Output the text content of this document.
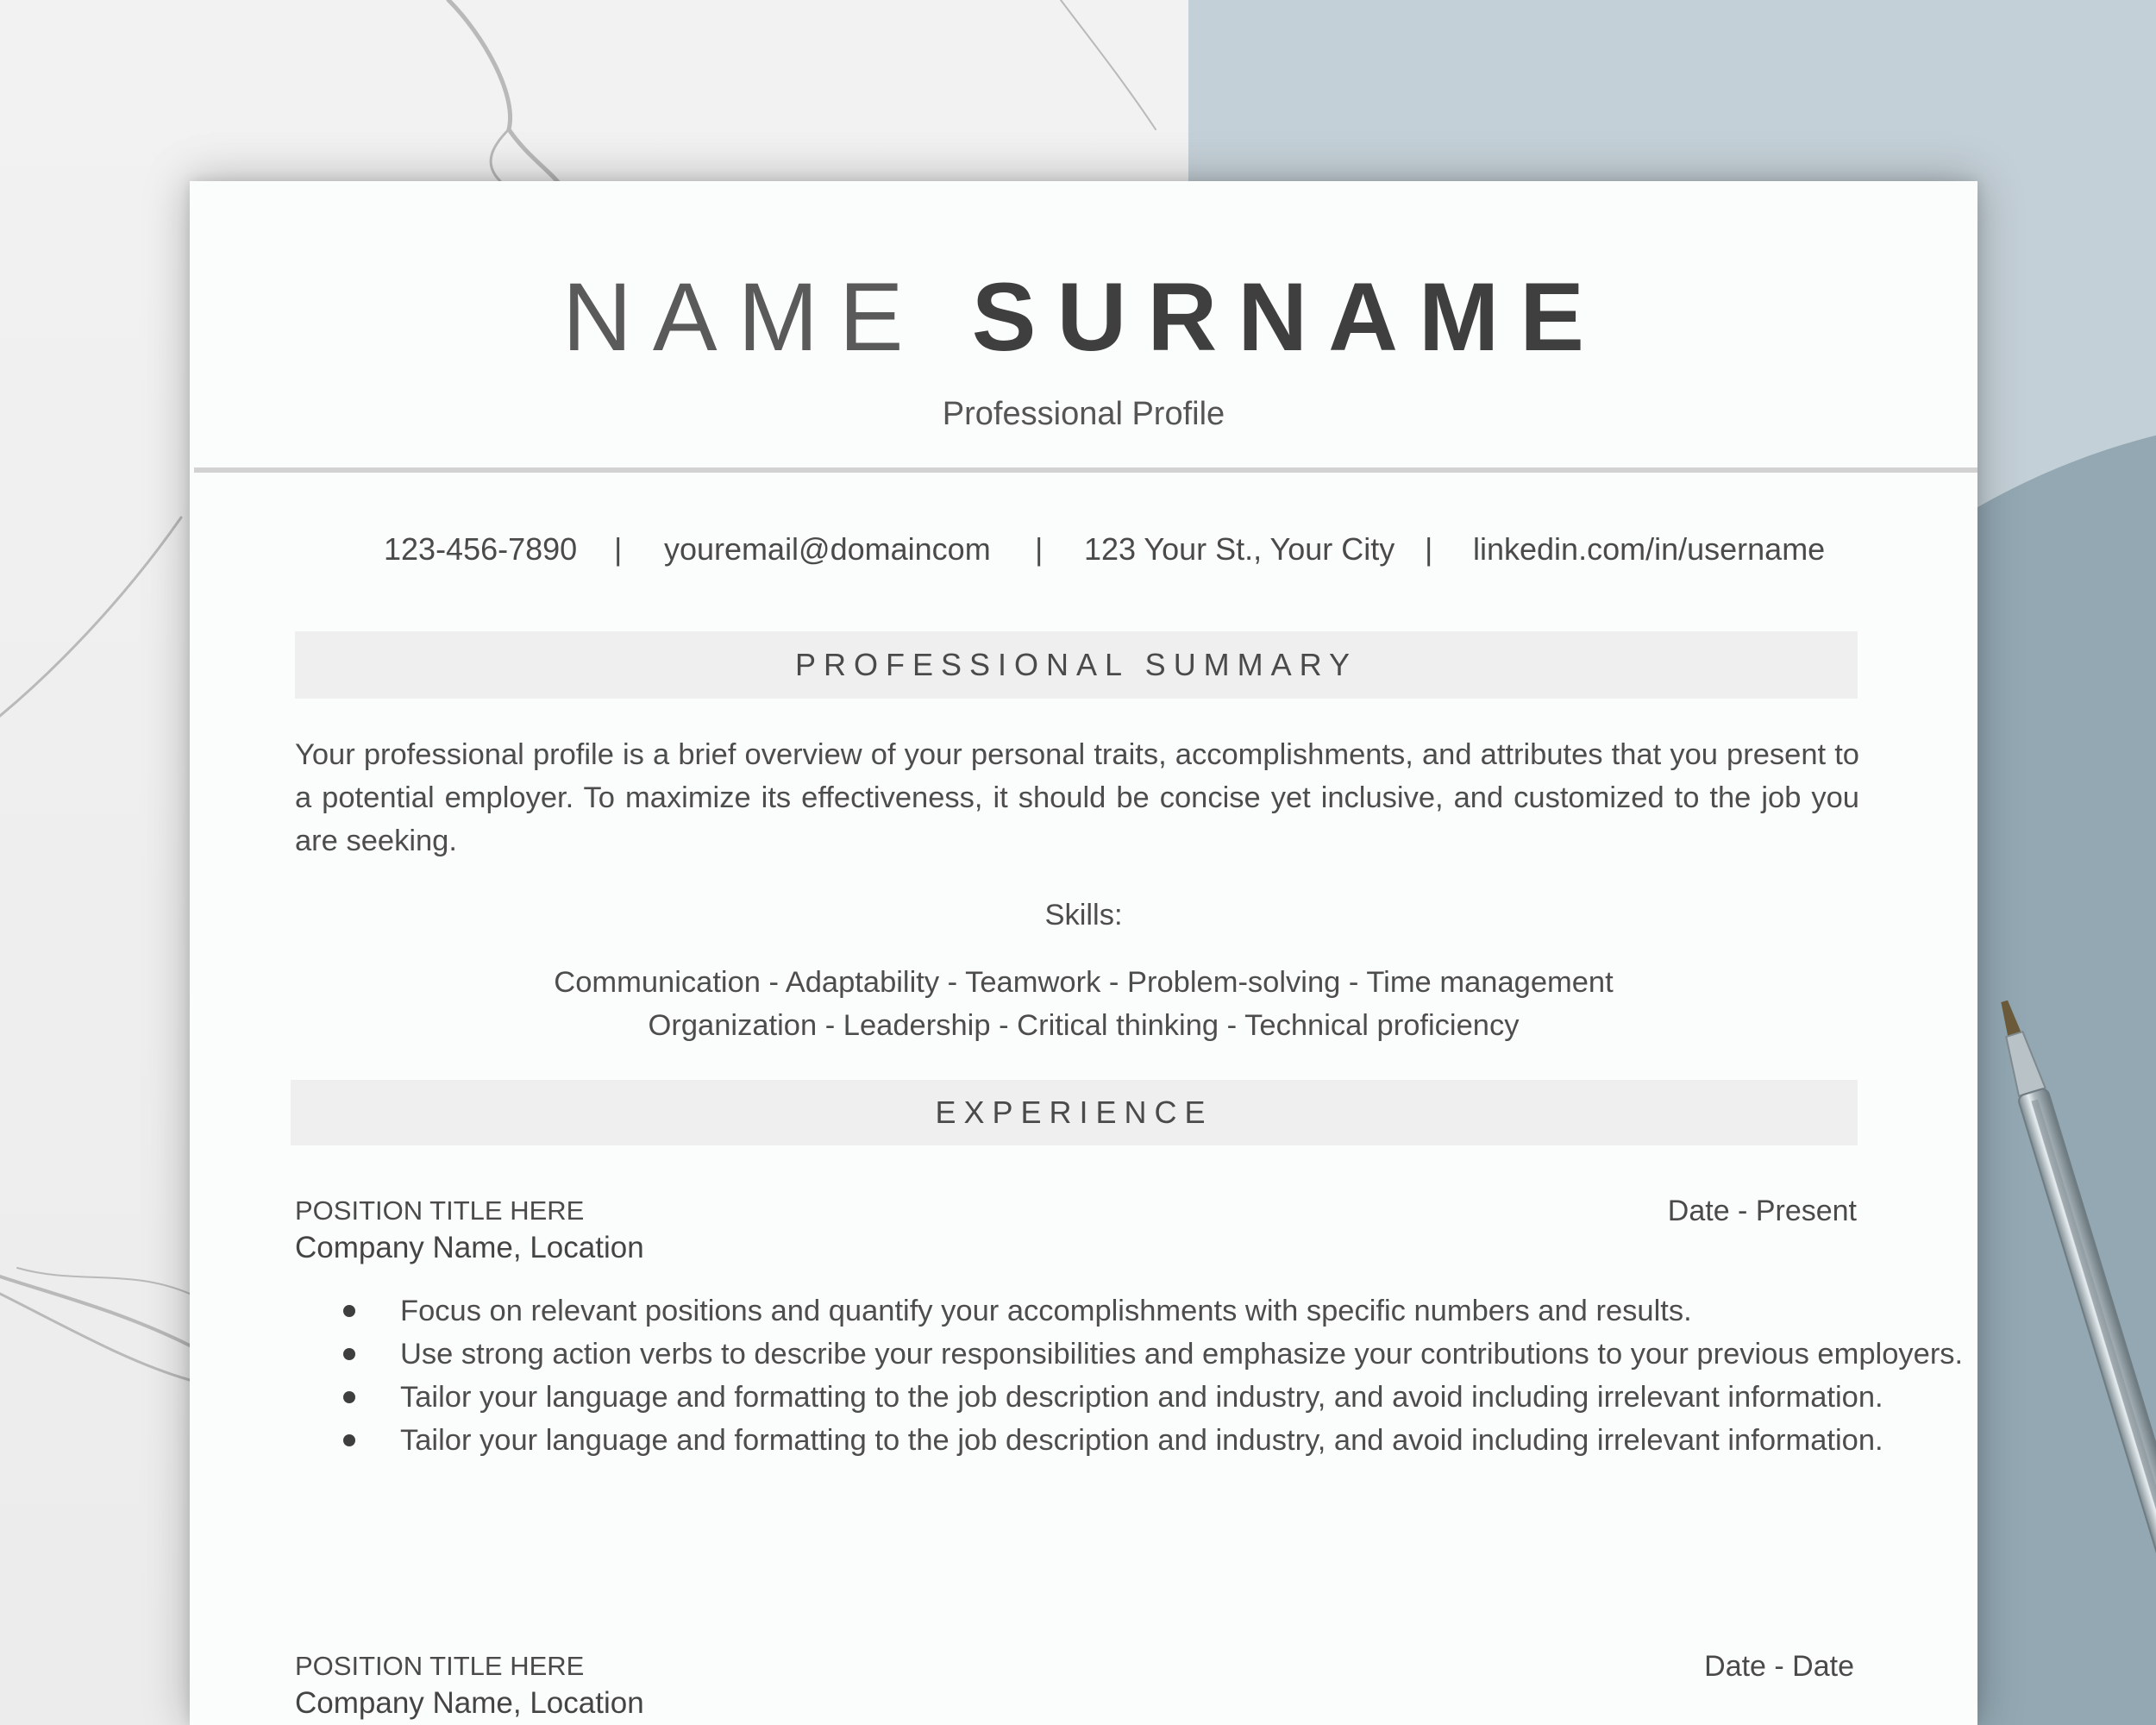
NAME SURNAME
Professional Profile
123-456-7890 | youremail@domaincom | 123 Your St., Your City | linkedin.com/in/username
PROFESSIONAL SUMMARY
Your professional profile is a brief overview of your personal traits, accomplishments, and attributes that you present to a potential employer. To maximize its effectiveness, it should be concise yet inclusive, and customized to the job you are seeking.
Skills:
Communication - Adaptability - Teamwork - Problem-solving - Time management
Organization - Leadership - Critical thinking - Technical proficiency
EXPERIENCE
POSITION TITLE HERE	Date - Present
Company Name, Location
Focus on relevant positions and quantify your accomplishments with specific numbers and results.
Use strong action verbs to describe your responsibilities and emphasize your contributions to your previous employers.
Tailor your language and formatting to the job description and industry, and avoid including irrelevant information.
Tailor your language and formatting to the job description and industry, and avoid including irrelevant information.
POSITION TITLE HERE	Date - Date
Company Name, Location
